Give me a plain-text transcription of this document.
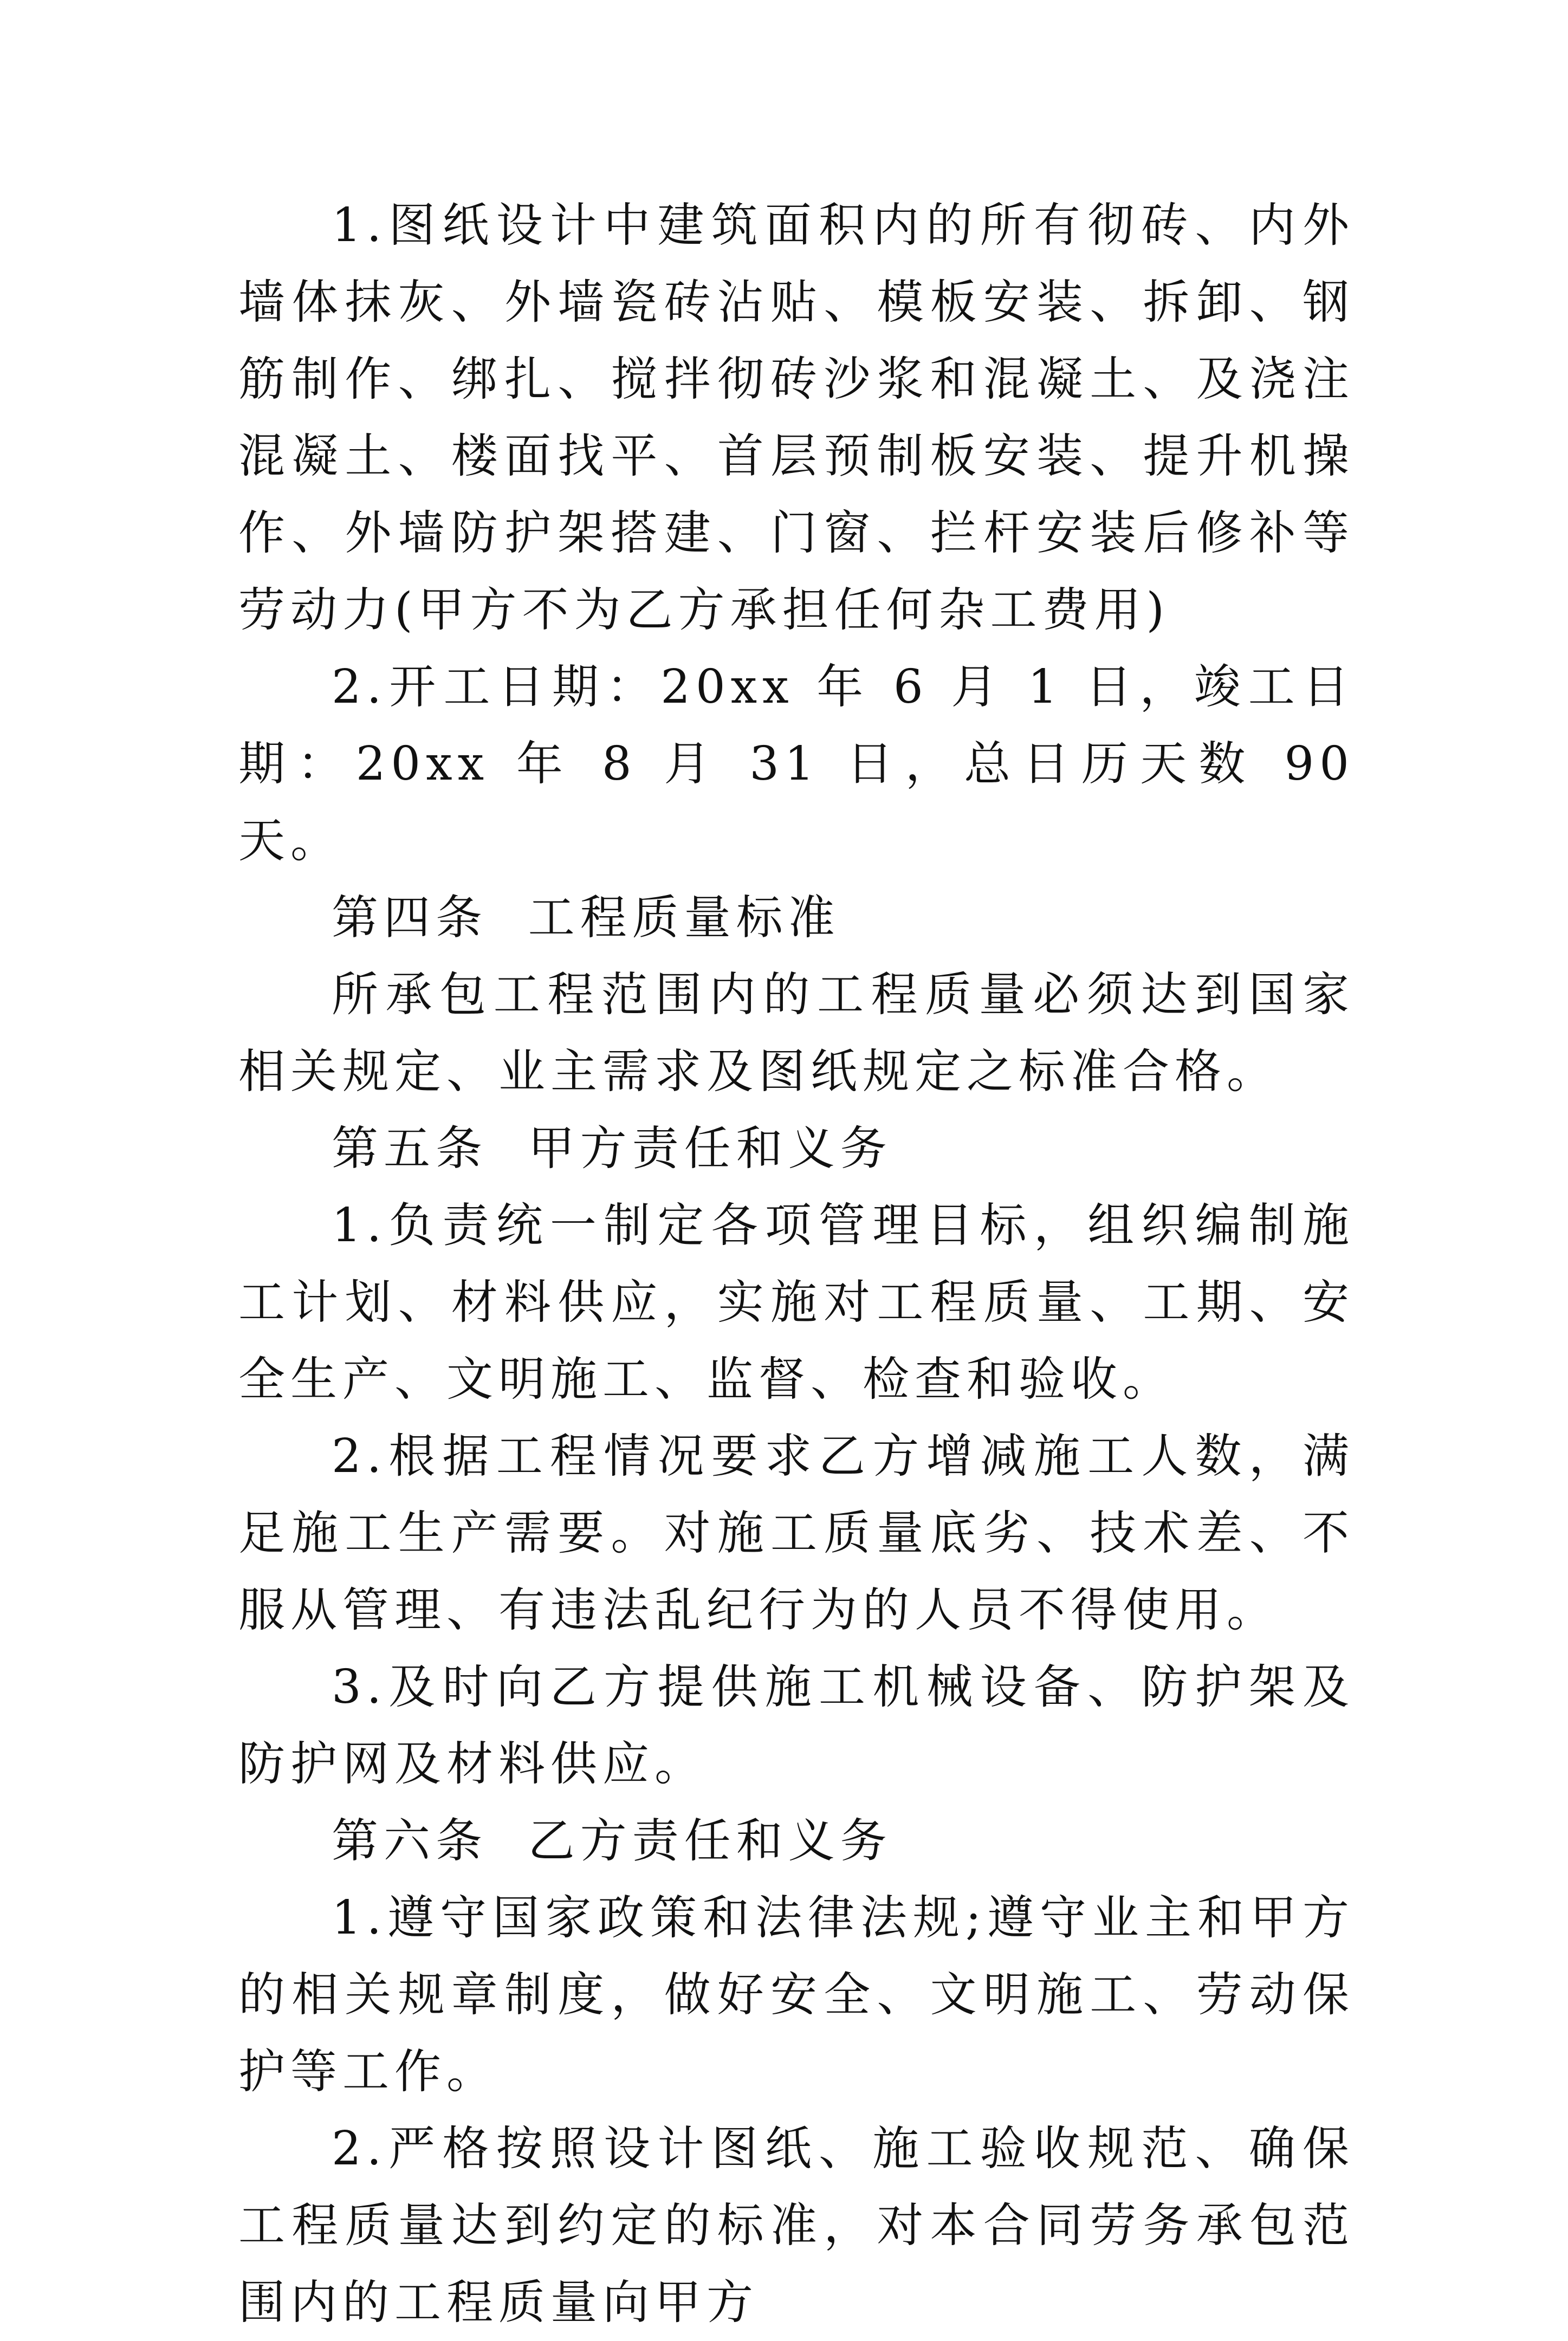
1.图纸设计中建筑面积内的所有彻砖、内外墙体抹灰、外墙瓷砖沾贴、模板安装、拆卸、钢筋制作、绑扎、搅拌彻砖沙浆和混凝土、及浇注混凝土、楼面找平、首层预制板安装、提升机操作、外墙防护架搭建、门窗、拦杆安装后修补等劳动力(甲方不为乙方承担任何杂工费用)

2.开工日期：20xx 年 6 月 1 日，竣工日期：20xx 年 8 月 31 日，总日历天数 90 天。

第四条  工程质量标准

所承包工程范围内的工程质量必须达到国家相关规定、业主需求及图纸规定之标准合格。

第五条  甲方责任和义务

1.负责统一制定各项管理目标，组织编制施工计划、材料供应，实施对工程质量、工期、安全生产、文明施工、监督、检查和验收。

2.根据工程情况要求乙方增减施工人数，满足施工生产需要。对施工质量底劣、技术差、不服从管理、有违法乱纪行为的人员不得使用。

3.及时向乙方提供施工机械设备、防护架及防护网及材料供应。

第六条  乙方责任和义务

1.遵守国家政策和法律法规;遵守业主和甲方的相关规章制度，做好安全、文明施工、劳动保护等工作。

2.严格按照设计图纸、施工验收规范、确保工程质量达到约定的标准，对本合同劳务承包范围内的工程质量向甲方
